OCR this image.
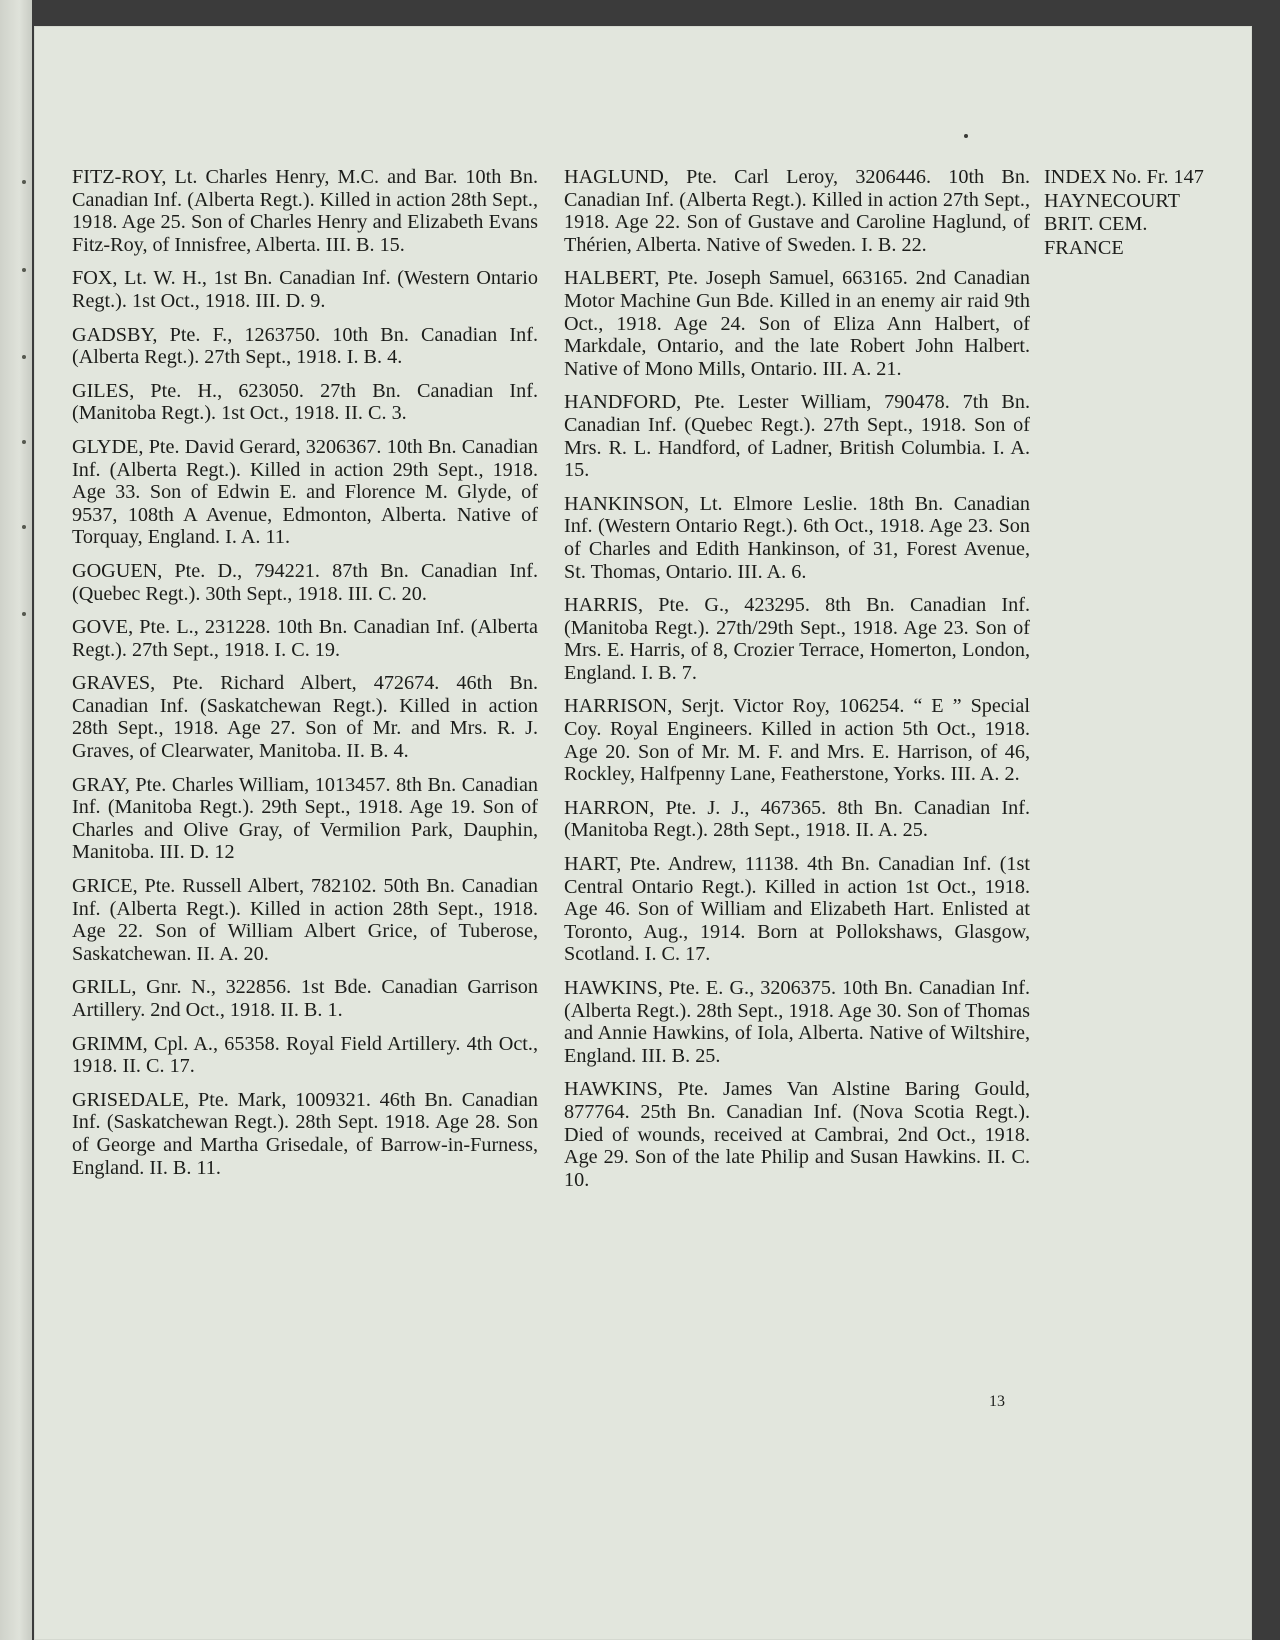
FITZ-ROY, Lt. Charles Henry, M.C. and Bar. 10th Bn. Canadian Inf. (Alberta Regt.). Killed in action 28th Sept., 1918. Age 25. Son of Charles Henry and Elizabeth Evans Fitz-Roy, of Innisfree, Alberta. III. B. 15.

FOX, Lt. W. H., 1st Bn. Canadian Inf. (Western Ontario Regt.). 1st Oct., 1918. III. D. 9.

GADSBY, Pte. F., 1263750. 10th Bn. Canadian Inf. (Alberta Regt.). 27th Sept., 1918. I. B. 4.

GILES, Pte. H., 623050. 27th Bn. Canadian Inf. (Manitoba Regt.). 1st Oct., 1918. II. C. 3.

GLYDE, Pte. David Gerard, 3206367. 10th Bn. Canadian Inf. (Alberta Regt.). Killed in action 29th Sept., 1918. Age 33. Son of Edwin E. and Florence M. Glyde, of 9537, 108th A Avenue, Edmonton, Alberta. Native of Torquay, England. I. A. 11.

GOGUEN, Pte. D., 794221. 87th Bn. Canadian Inf. (Quebec Regt.). 30th Sept., 1918. III. C. 20.

GOVE, Pte. L., 231228. 10th Bn. Canadian Inf. (Alberta Regt.). 27th Sept., 1918. I. C. 19.

GRAVES, Pte. Richard Albert, 472674. 46th Bn. Canadian Inf. (Saskatchewan Regt.). Killed in action 28th Sept., 1918. Age 27. Son of Mr. and Mrs. R. J. Graves, of Clearwater, Manitoba. II. B. 4.

GRAY, Pte. Charles William, 1013457. 8th Bn. Canadian Inf. (Manitoba Regt.). 29th Sept., 1918. Age 19. Son of Charles and Olive Gray, of Vermilion Park, Dauphin, Manitoba. III. D. 12

GRICE, Pte. Russell Albert, 782102. 50th Bn. Canadian Inf. (Alberta Regt.). Killed in action 28th Sept., 1918. Age 22. Son of William Albert Grice, of Tuberose, Saskatchewan. II. A. 20.

GRILL, Gnr. N., 322856. 1st Bde. Canadian Garrison Artillery. 2nd Oct., 1918. II. B. 1.

GRIMM, Cpl. A., 65358. Royal Field Artillery. 4th Oct., 1918. II. C. 17.

GRISEDALE, Pte. Mark, 1009321. 46th Bn. Canadian Inf. (Saskatchewan Regt.). 28th Sept. 1918. Age 28. Son of George and Martha Grisedale, of Barrow-in-Furness, England. II. B. 11.

HAGLUND, Pte. Carl Leroy, 3206446. 10th Bn. Canadian Inf. (Alberta Regt.). Killed in action 27th Sept., 1918. Age 22. Son of Gustave and Caroline Haglund, of Thérien, Alberta. Native of Sweden. I. B. 22.

HALBERT, Pte. Joseph Samuel, 663165. 2nd Canadian Motor Machine Gun Bde. Killed in an enemy air raid 9th Oct., 1918. Age 24. Son of Eliza Ann Halbert, of Markdale, Ontario, and the late Robert John Halbert. Native of Mono Mills, Ontario. III. A. 21.

HANDFORD, Pte. Lester William, 790478. 7th Bn. Canadian Inf. (Quebec Regt.). 27th Sept., 1918. Son of Mrs. R. L. Handford, of Ladner, British Columbia. I. A. 15.

HANKINSON, Lt. Elmore Leslie. 18th Bn. Canadian Inf. (Western Ontario Regt.). 6th Oct., 1918. Age 23. Son of Charles and Edith Hankinson, of 31, Forest Avenue, St. Thomas, Ontario. III. A. 6.

HARRIS, Pte. G., 423295. 8th Bn. Canadian Inf. (Manitoba Regt.). 27th/29th Sept., 1918. Age 23. Son of Mrs. E. Harris, of 8, Crozier Terrace, Homerton, London, England. I. B. 7.

HARRISON, Serjt. Victor Roy, 106254. “ E ” Special Coy. Royal Engineers. Killed in action 5th Oct., 1918. Age 20. Son of Mr. M. F. and Mrs. E. Harrison, of 46, Rockley, Halfpenny Lane, Featherstone, Yorks. III. A. 2.

HARRON, Pte. J. J., 467365. 8th Bn. Canadian Inf. (Manitoba Regt.). 28th Sept., 1918. II. A. 25.

HART, Pte. Andrew, 11138. 4th Bn. Canadian Inf. (1st Central Ontario Regt.). Killed in action 1st Oct., 1918. Age 46. Son of William and Elizabeth Hart. Enlisted at Toronto, Aug., 1914. Born at Pollokshaws, Glasgow, Scotland. I. C. 17.

HAWKINS, Pte. E. G., 3206375. 10th Bn. Canadian Inf. (Alberta Regt.). 28th Sept., 1918. Age 30. Son of Thomas and Annie Hawkins, of Iola, Alberta. Native of Wiltshire, England. III. B. 25.

HAWKINS, Pte. James Van Alstine Baring Gould, 877764. 25th Bn. Canadian Inf. (Nova Scotia Regt.). Died of wounds, received at Cambrai, 2nd Oct., 1918. Age 29. Son of the late Philip and Susan Hawkins. II. C. 10.

INDEX No. Fr. 147
HAYNECOURT
BRIT. CEM.
FRANCE
13
